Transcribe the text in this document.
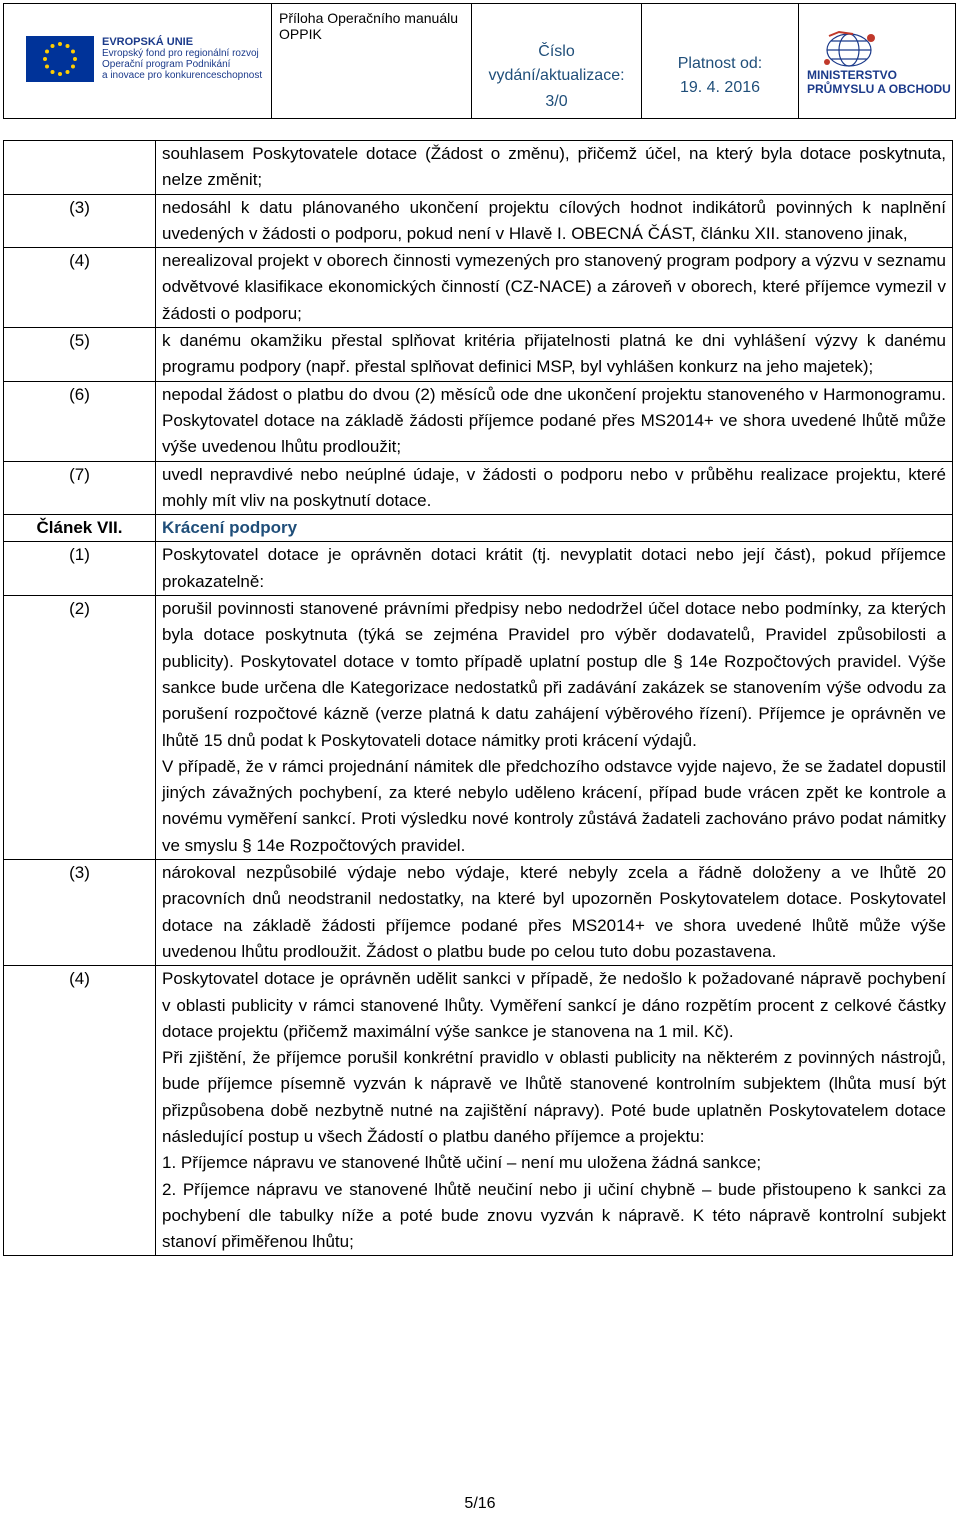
EVROPSKÁ UNIE
Evropský fond pro regionální rozvoj
Operační program Podnikání
a inovace pro konkurenceschopnost
Příloha Operačního manuálu OPPIK
Číslo vydání/aktualizace:
3/0
Platnost od:
19. 4. 2016
MINISTERSTVO
PRŮMYSLU A OBCHODU

	souhlasem Poskytovatele dotace (Žádost o změnu), přičemž účel, na který byla dotace poskytnuta, nelze změnit;

(3)	nedosáhl k datu plánovaného ukončení projektu cílových hodnot indikátorů povinných k naplnění uvedených v žádosti o podporu, pokud není v Hlavě I. OBECNÁ ČÁST, článku XII. stanoveno jinak,

(4)	nerealizoval projekt v oborech činnosti vymezených pro stanovený program podpory a výzvu v seznamu odvětvové klasifikace ekonomických činností (CZ-NACE) a zároveň v oborech, které příjemce vymezil v žádosti o podporu;

(5)	k danému okamžiku přestal splňovat kritéria přijatelnosti platná ke dni vyhlášení výzvy k danému programu podpory (např. přestal splňovat definici MSP, byl vyhlášen konkurz na jeho majetek);

(6)	nepodal žádost o platbu do dvou (2) měsíců ode dne ukončení projektu stanoveného v Harmonogramu. Poskytovatel dotace na základě žádosti příjemce podané přes MS2014+ ve shora uvedené lhůtě může výše uvedenou lhůtu prodloužit;

(7)	uvedl nepravdivé nebo neúplné údaje, v žádosti o podporu nebo v průběhu realizace projektu, které mohly mít vliv na poskytnutí dotace.

Článek VII.	Krácení podpory

(1)	Poskytovatel dotace je oprávněn dotaci krátit (tj. nevyplatit dotaci nebo její část), pokud příjemce prokazatelně:

(2)	porušil povinnosti stanovené právními předpisy nebo nedodržel účel dotace nebo podmínky, za kterých byla dotace poskytnuta (týká se zejména Pravidel pro výběr dodavatelů, Pravidel způsobilosti a publicity). Poskytovatel dotace v tomto případě uplatní postup dle § 14e Rozpočtových pravidel. Výše sankce bude určena dle Kategorizace nedostatků při zadávání zakázek se stanovením výše odvodu za porušení rozpočtové kázně (verze platná k datu zahájení výběrového řízení). Příjemce je oprávněn ve lhůtě 15 dnů podat k Poskytovateli dotace námitky proti krácení výdajů.

V případě, že v rámci projednání námitek dle předchozího odstavce vyjde najevo, že se žadatel dopustil jiných závažných pochybení, za které nebylo uděleno krácení, případ bude vrácen zpět ke kontrole a novému vyměření sankcí. Proti výsledku nové kontroly zůstává žadateli zachováno právo podat námitky ve smyslu § 14e Rozpočtových pravidel.

(3)	nárokoval nezpůsobilé výdaje nebo výdaje, které nebyly zcela a řádně doloženy a ve lhůtě 20 pracovních dnů neodstranil nedostatky, na které byl upozorněn Poskytovatelem dotace. Poskytovatel dotace na základě žádosti příjemce podané přes MS2014+ ve shora uvedené lhůtě může výše uvedenou lhůtu prodloužit. Žádost o platbu bude po celou tuto dobu pozastavena.

(4)	Poskytovatel dotace je oprávněn udělit sankci v případě, že nedošlo k požadované nápravě pochybení v oblasti publicity v rámci stanovené lhůty. Vyměření sankcí je dáno rozpětím procent z celkové částky dotace projektu (přičemž maximální výše sankce je stanovena na 1 mil. Kč).

Při zjištění, že příjemce porušil konkrétní pravidlo v oblasti publicity na některém z povinných nástrojů, bude příjemce písemně vyzván k nápravě ve lhůtě stanovené kontrolním subjektem (lhůta musí být přizpůsobena době nezbytně nutné na zajištění nápravy). Poté bude uplatněn Poskytovatelem dotace následující postup u všech Žádostí o platbu daného příjemce a projektu:

1. Příjemce nápravu ve stanovené lhůtě učiní – není mu uložena žádná sankce;

2. Příjemce nápravu ve stanovené lhůtě neučiní nebo ji učiní chybně – bude přistoupeno k sankci za pochybení dle tabulky níže a poté bude znovu vyzván k nápravě. K této nápravě kontrolní subjekt stanoví přiměřenou lhůtu;

5/16
